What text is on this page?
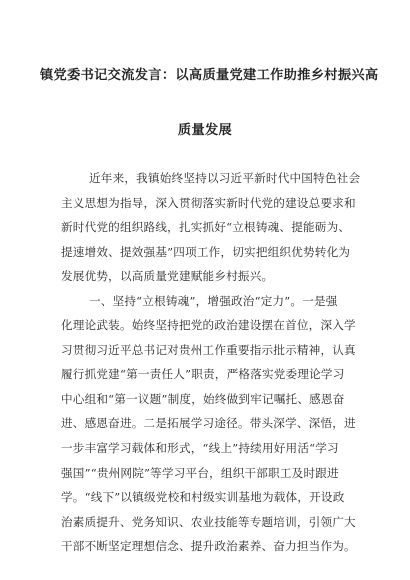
镇党委书记交流发言：以高质量党建工作助推乡村振兴高
质量发展
近年来，我镇始终坚持以习近平新时代中国特色社会
主义思想为指导，深入贯彻落实新时代党的建设总要求和
新时代党的组织路线，扎实抓好“立根铸魂、提能砺为、
提速增效、提效强基”四项工作，切实把组织优势转化为
发展优势，以高质量党建赋能乡村振兴。
一、坚持“立根铸魂”，增强政治“定力”。一是强
化理论武装。始终坚持把党的政治建设摆在首位，深入学
习贯彻习近平总书记对贵州工作重要指示批示精神，认真
履行抓党建“第一责任人”职责，严格落实党委理论学习
中心组和“第一议题”制度，始终做到牢记嘱托、感恩奋
进、感恩奋进。二是拓展学习途径。带头深学、深悟，进
一步丰富学习载体和形式，“线上”持续用好用活“学习
强国”“贵州网院”等学习平台，组织干部职工及时跟进
学。“线下”以镇级党校和村级实训基地为载体，开设政
治素质提升、党务知识、农业技能等专题培训，引领广大
干部不断坚定理想信念、提升政治素养、奋力担当作为。
